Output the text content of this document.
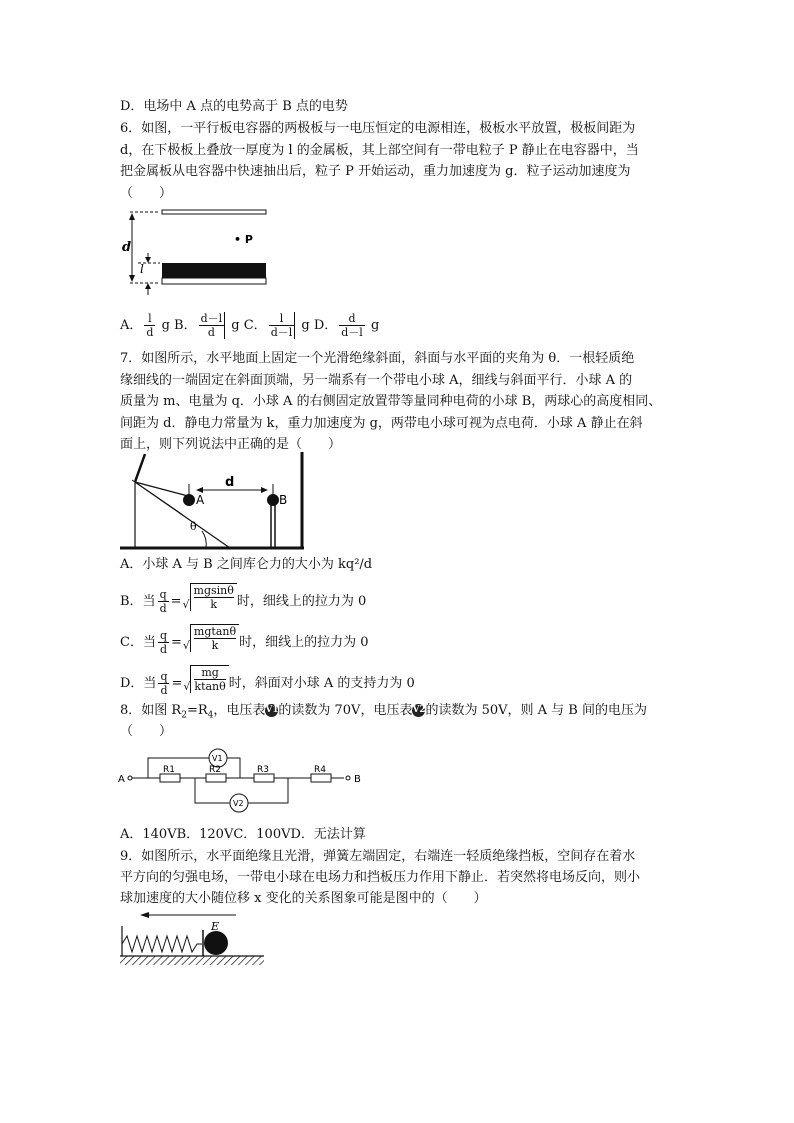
D．电场中 A 点的电势高于 B 点的电势
6．如图，一平行板电容器的两极板与一电压恒定的电源相连，极板水平放置，极板间距为
d，在下极板上叠放一厚度为 l 的金属板，其上部空间有一带电粒子 P 静止在电容器中，当
把金属板从电容器中快速抽出后，粒子 P 开始运动，重力加速度为 g．粒子运动加速度为
（　　）
d
l
• P
A． $\frac{l}{d}$ g B． $\frac{d-l}{d}$ g C． $\frac{l}{d-l}$ g D． $\frac{d}{d-l}$ g
7．如图所示，水平地面上固定一个光滑绝缘斜面，斜面与水平面的夹角为 θ．一根轻质绝
缘细线的一端固定在斜面顶端，另一端系有一个带电小球 A，细线与斜面平行．小球 A 的
质量为 m、电量为 q．小球 A 的右侧固定放置带等量同种电荷的小球 B，两球心的高度相同、
间距为 d．静电力常量为 k，重力加速度为 g，两带电小球可视为点电荷．小球 A 静止在斜
面上，则下列说法中正确的是（　　）
A	B
d
θ
A．小球 A 与 B 之间库仑力的大小为 kq²/d
B．当 $\frac{q}{d}$ =√ $\frac{mgsin\theta}{k}$ 时，细线上的拉力为 0
C．当 $\frac{q}{d}$ =√ $\frac{mgtan\theta}{k}$ 时，细线上的拉力为 0
D．当 $\frac{q}{d}$ =√ $\frac{mg}{ktan\theta}$ 时，斜面对小球 A 的支持力为 0
8．如图 $R_2=R_4$，电压表V1的读数为 70V，电压表V2的读数为 50V，则 A 与 B 间的电压为
（　　）
A	B
R1	R2	R3	R4
V1
V2
A．140VB．120VC．100VD．无法计算
9．如图所示，水平面绝缘且光滑，弹簧左端固定，右端连一轻质绝缘挡板，空间存在着水
平方向的匀强电场，一带电小球在电场力和挡板压力作用下静止．若突然将电场反向，则小
球加速度的大小随位移 x 变化的关系图象可能是图中的（　　）
E
